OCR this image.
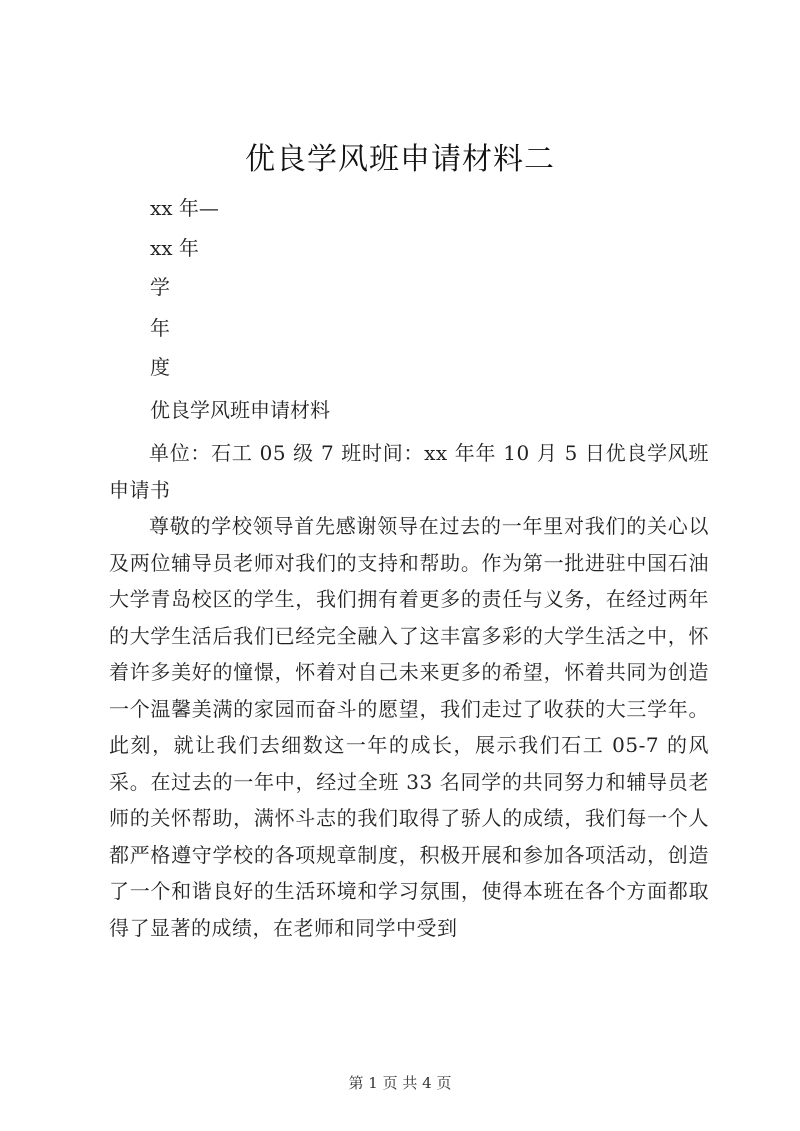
优良学风班申请材料二
xx 年—
xx 年
学
年
度
优良学风班申请材料
单位：石工 05 级 7 班时间：xx 年年 10 月 5 日优良学风班申请书
尊敬的学校领导首先感谢领导在过去的一年里对我们的关心以及两位辅导员老师对我们的支持和帮助。作为第一批进驻中国石油大学青岛校区的学生，我们拥有着更多的责任与义务，在经过两年的大学生活后我们已经完全融入了这丰富多彩的大学生活之中，怀着许多美好的憧憬，怀着对自己未来更多的希望，怀着共同为创造一个温馨美满的家园而奋斗的愿望，我们走过了收获的大三学年。此刻，就让我们去细数这一年的成长，展示我们石工 05-7 的风采。在过去的一年中，经过全班 33 名同学的共同努力和辅导员老师的关怀帮助，满怀斗志的我们取得了骄人的成绩，我们每一个人都严格遵守学校的各项规章制度，积极开展和参加各项活动，创造了一个和谐良好的生活环境和学习氛围，使得本班在各个方面都取得了显著的成绩，在老师和同学中受到
第 1 页 共 4 页
